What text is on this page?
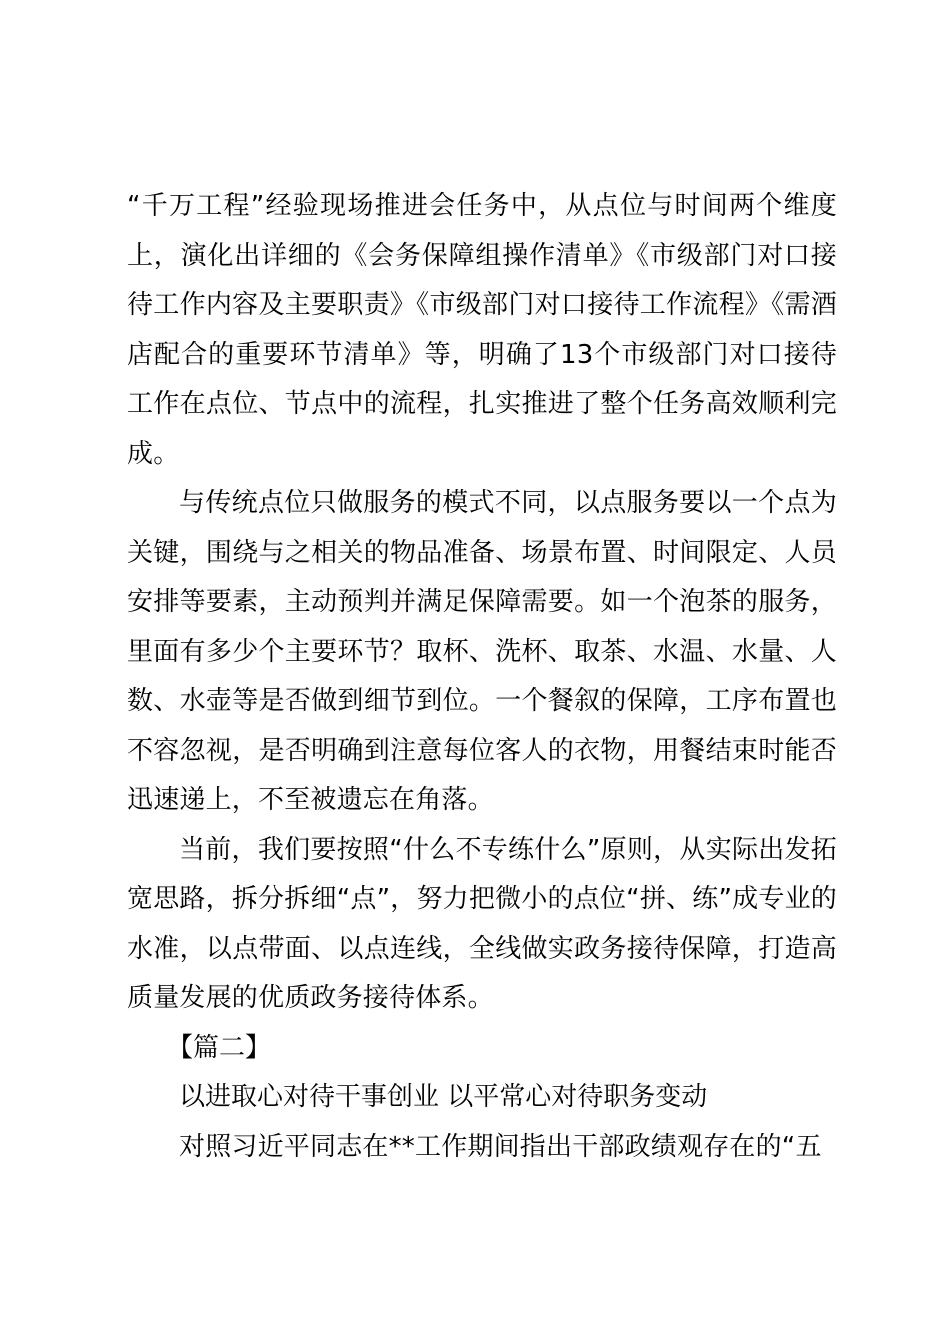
“千万工程”经验现场推进会任务中，从点位与时间两个维度上，演化出详细的《会务保障组操作清单》《市级部门对口接待工作内容及主要职责》《市级部门对口接待工作流程》《需酒店配合的重要环节清单》等，明确了13个市级部门对口接待工作在点位、节点中的流程，扎实推进了整个任务高效顺利完成。

与传统点位只做服务的模式不同，以点服务要以一个点为关键，围绕与之相关的物品准备、场景布置、时间限定、人员安排等要素，主动预判并满足保障需要。如一个泡茶的服务，里面有多少个主要环节？取杯、洗杯、取茶、水温、水量、人数、水壶等是否做到细节到位。一个餐叙的保障，工序布置也不容忽视，是否明确到注意每位客人的衣物，用餐结束时能否迅速递上，不至被遗忘在角落。

当前，我们要按照“什么不专练什么”原则，从实际出发拓宽思路，拆分拆细“点”，努力把微小的点位“拼、练”成专业的水准，以点带面、以点连线，全线做实政务接待保障，打造高质量发展的优质政务接待体系。

【篇二】

以进取心对待干事创业 以平常心对待职务变动

对照习近平同志在**工作期间指出干部政绩观存在的“五
